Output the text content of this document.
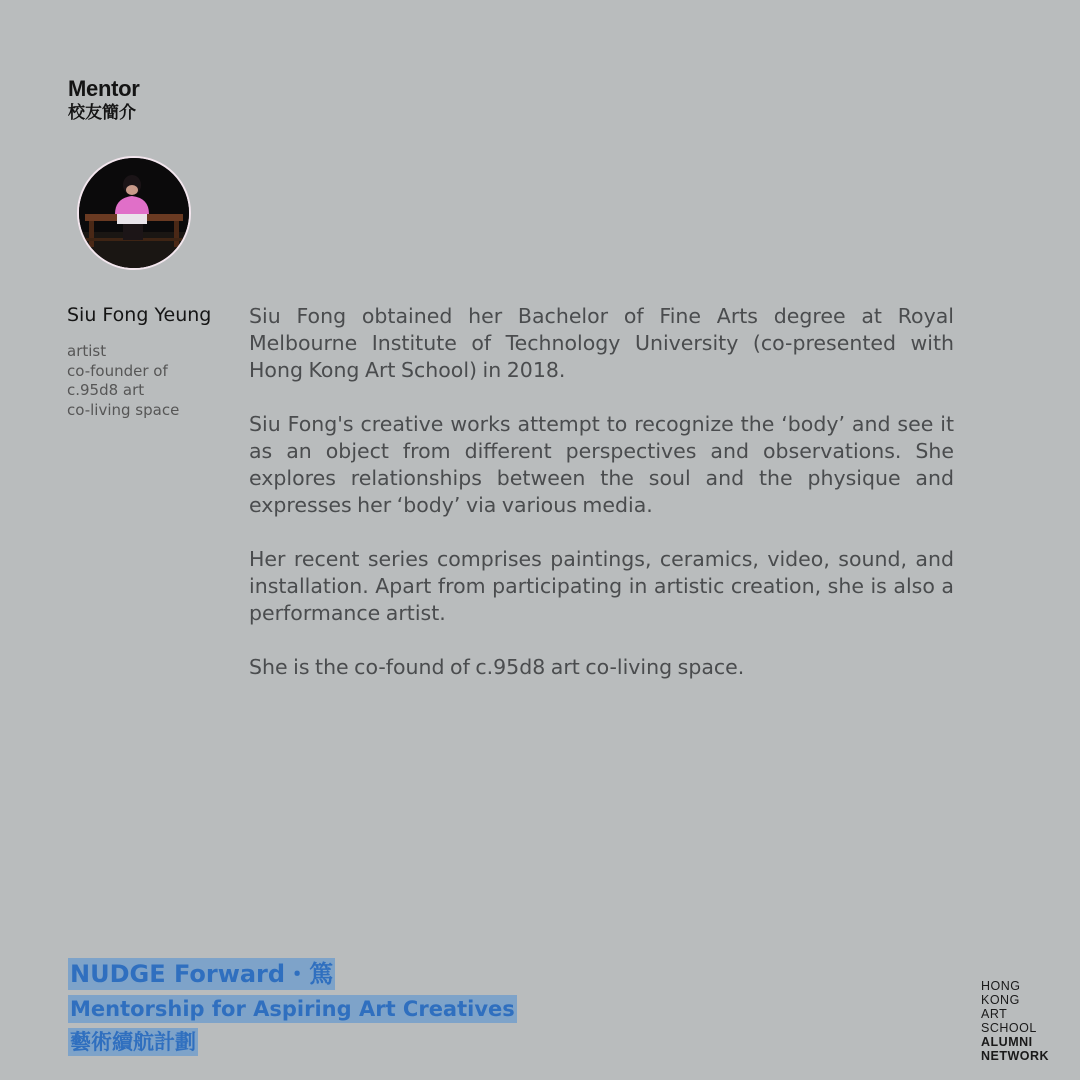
Mentor
校友簡介
Siu Fong Yeung
artist
co-founder of
c.95d8 art
co-living space

Siu Fong obtained her Bachelor of Fine Arts degree at Royal Melbourne Institute of Technology University (co-presented with Hong Kong Art School) in 2018.

Siu Fong's creative works attempt to recognize the ‘body’ and see it as an object from different perspectives and observations. She explores relationships between the soul and the physique and expresses her ‘body’ via various media.

Her recent series comprises paintings, ceramics, video, sound, and installation. Apart from participating in artistic creation, she is also a performance artist.

She is the co-found of c.95d8 art co-living space.

NUDGE Forward・篤
Mentorship for Aspiring Art Creatives
藝術續航計劃
HONG
KONG
ART
SCHOOL
ALUMNI
NETWORK
